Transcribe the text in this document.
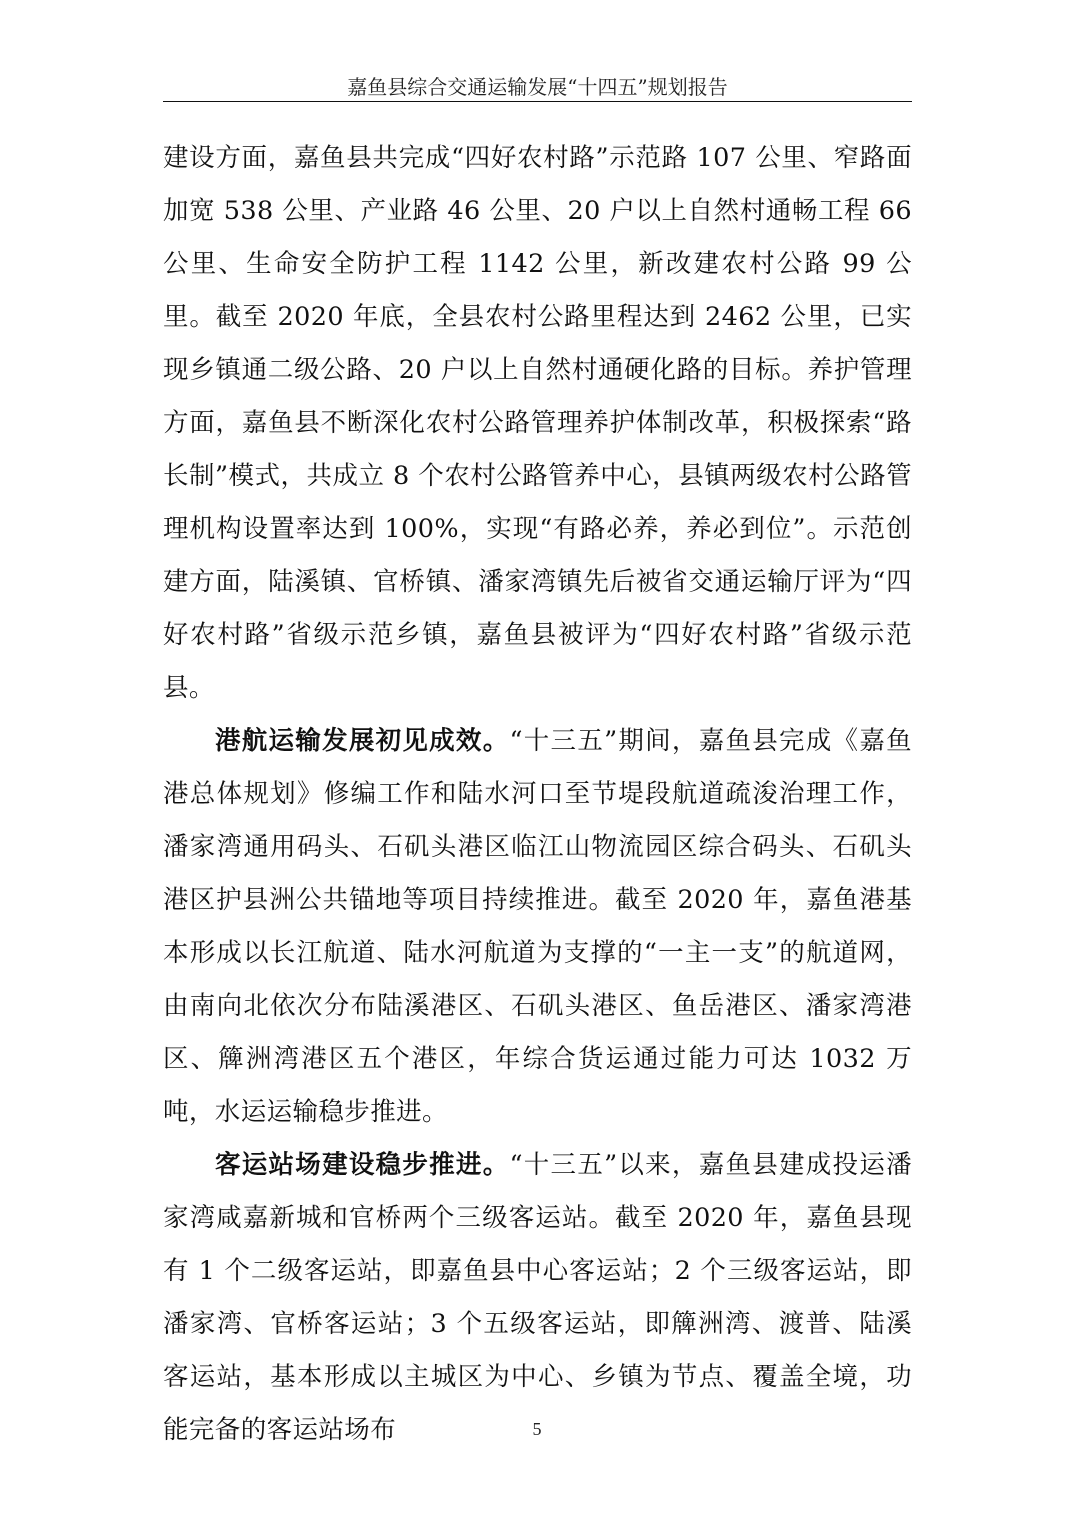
嘉鱼县综合交通运输发展“十四五”规划报告

建设方面，嘉鱼县共完成“四好农村路”示范路 107 公里、窄路面加宽 538 公里、产业路 46 公里、20 户以上自然村通畅工程 66 公里、生命安全防护工程 1142 公里，新改建农村公路 99 公里。截至 2020 年底，全县农村公路里程达到 2462 公里，已实现乡镇通二级公路、20 户以上自然村通硬化路的目标。养护管理方面，嘉鱼县不断深化农村公路管理养护体制改革，积极探索“路长制”模式，共成立 8 个农村公路管养中心，县镇两级农村公路管理机构设置率达到 100%，实现“有路必养，养必到位”。示范创建方面，陆溪镇、官桥镇、潘家湾镇先后被省交通运输厅评为“四好农村路”省级示范乡镇，嘉鱼县被评为“四好农村路”省级示范县。

港航运输发展初见成效。“十三五”期间，嘉鱼县完成《嘉鱼港总体规划》修编工作和陆水河口至节堤段航道疏浚治理工作，潘家湾通用码头、石矶头港区临江山物流园区综合码头、石矶头港区护县洲公共锚地等项目持续推进。截至 2020 年，嘉鱼港基本形成以长江航道、陆水河航道为支撑的“一主一支”的航道网，由南向北依次分布陆溪港区、石矶头港区、鱼岳港区、潘家湾港区、簰洲湾港区五个港区，年综合货运通过能力可达 1032 万吨，水运运输稳步推进。

客运站场建设稳步推进。“十三五”以来，嘉鱼县建成投运潘家湾咸嘉新城和官桥两个三级客运站。截至 2020 年，嘉鱼县现有 1 个二级客运站，即嘉鱼县中心客运站；2 个三级客运站，即潘家湾、官桥客运站；3 个五级客运站，即簰洲湾、渡普、陆溪客运站，基本形成以主城区为中心、乡镇为节点、覆盖全境，功能完备的客运站场布	5
